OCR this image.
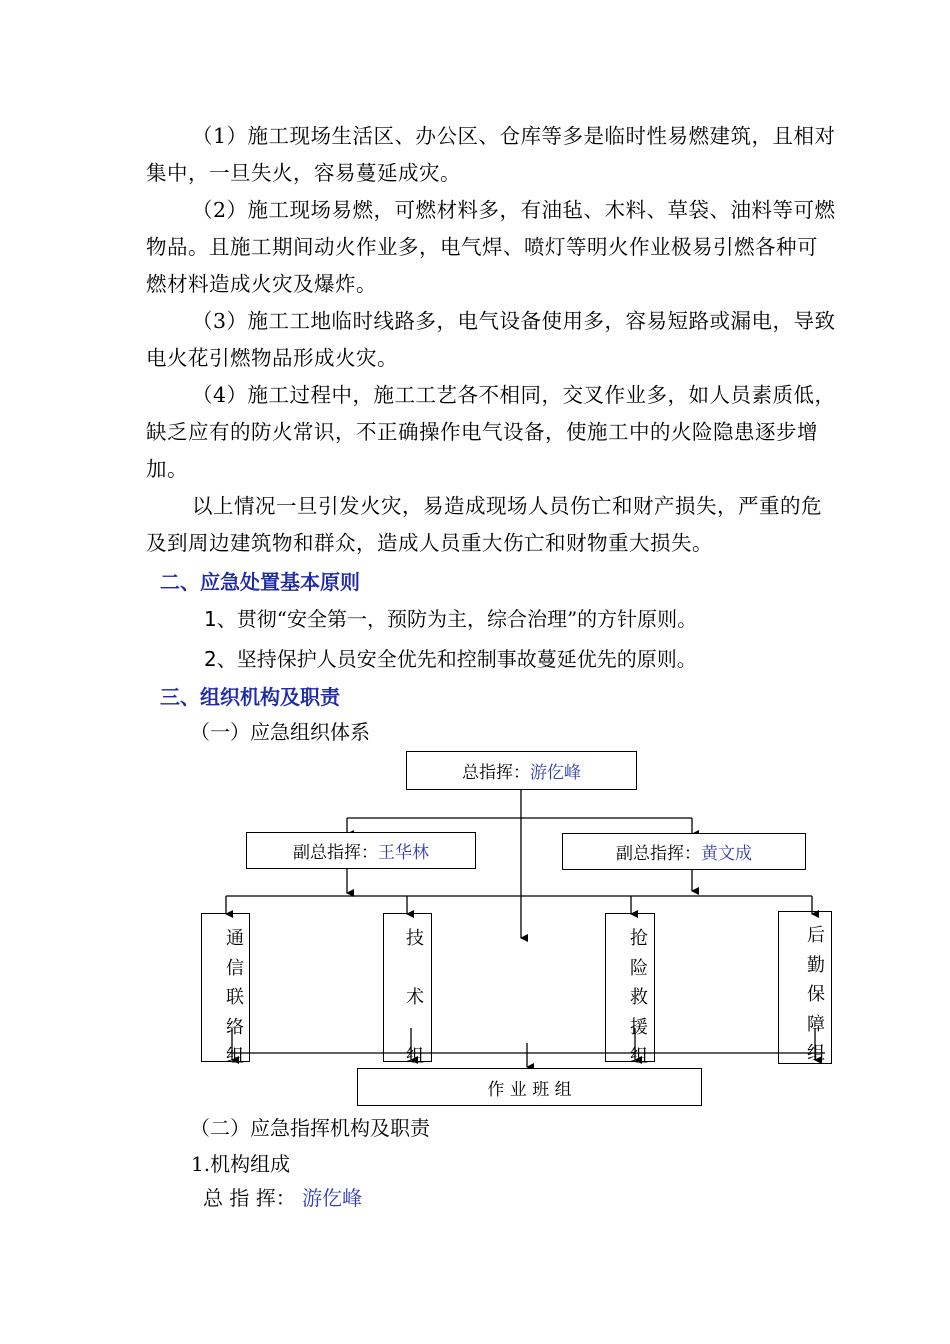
（1）施工现场生活区、办公区、仓库等多是临时性易燃建筑，且相对集中，一旦失火，容易蔓延成灾。

（2）施工现场易燃，可燃材料多，有油毡、木料、草袋、油料等可燃物品。且施工期间动火作业多，电气焊、喷灯等明火作业极易引燃各种可燃材料造成火灾及爆炸。

（3）施工工地临时线路多，电气设备使用多，容易短路或漏电，导致电火花引燃物品形成火灾。

（4）施工过程中，施工工艺各不相同，交叉作业多，如人员素质低，缺乏应有的防火常识，不正确操作电气设备，使施工中的火险隐患逐步增加。

以上情况一旦引发火灾，易造成现场人员伤亡和财产损失，严重的危及到周边建筑物和群众，造成人员重大伤亡和财物重大损失。

二、应急处置基本原则

1、贯彻“安全第一，预防为主，综合治理”的方针原则。

2、坚持保护人员安全优先和控制事故蔓延优先的原则。

三、组织机构及职责

（一）应急组织体系

总指挥： 游仡峰
副总指挥： 王华林	副总指挥： 黄文成
通
信
联
络
组
技

术

组
抢
险
救
援
组
后
勤
保
障
组
作 业 班 组

（二）应急指挥机构及职责

1.机构组成

总 指 挥： 游仡峰
